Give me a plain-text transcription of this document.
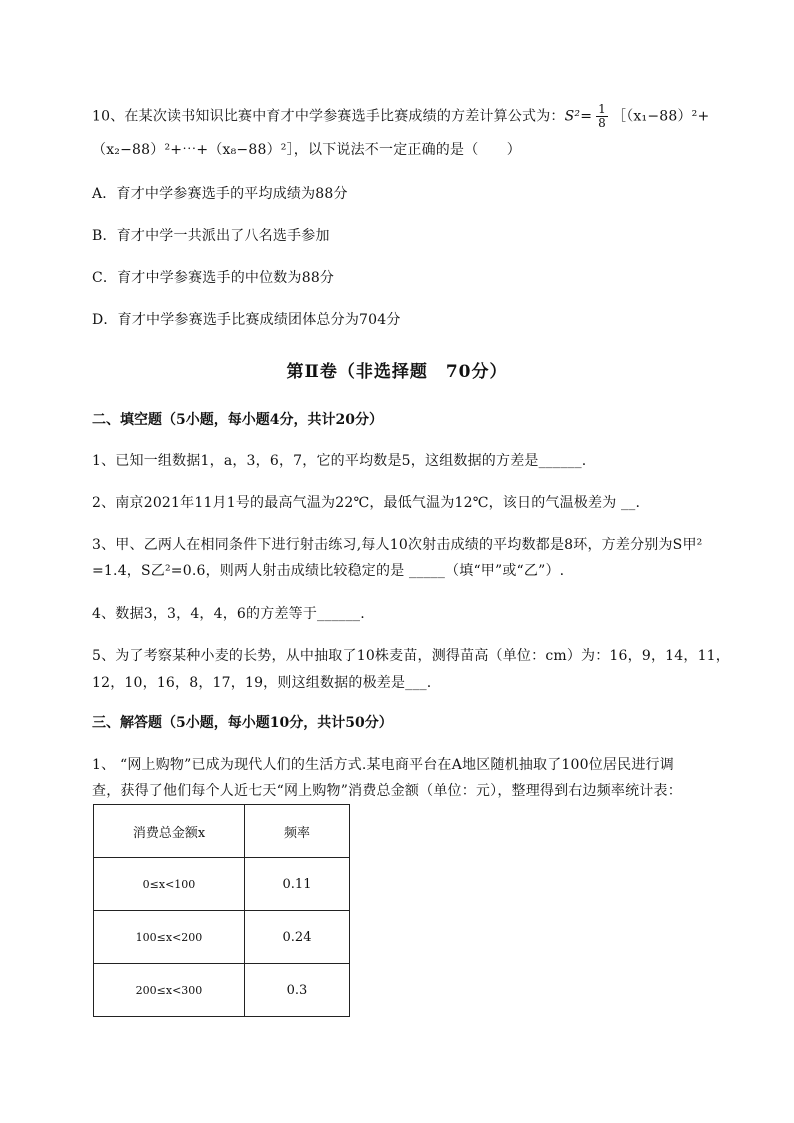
10、在某次读书知识比赛中育才中学参赛选手比赛成绩的方差计算公式为：$S^2= \frac{1}{8}$ ［（x₁−88）²+
（x₂−88）²+⋯+（x₈−88）²］，以下说法不一定正确的是（　　）
A．育才中学参赛选手的平均成绩为88分
B．育才中学一共派出了八名选手参加
C．育才中学参赛选手的中位数为88分
D．育才中学参赛选手比赛成绩团体总分为704分
第Ⅱ卷（非选择题 70分）
二、填空题（5小题，每小题4分，共计20分）
1、已知一组数据1，a，3，6，7，它的平均数是5，这组数据的方差是______.
2、南京2021年11月1号的最高气温为22℃，最低气温为12℃，该日的气温极差为 __.
3、甲、乙两人在相同条件下进行射击练习,每人10次射击成绩的平均数都是8环，方差分别为S甲²
=1.4，S乙²=0.6，则两人射击成绩比较稳定的是 _____（填“甲”或“乙”）.
4、数据3，3，4，4，6的方差等于______.
5、为了考察某种小麦的长势，从中抽取了10株麦苗，测得苗高（单位：cm）为：16，9，14，11，
12，10，16，8，17，19，则这组数据的极差是___.
三、解答题（5小题，每小题10分，共计50分）
1、 “网上购物”已成为现代人们的生活方式.某电商平台在A地区随机抽取了100位居民进行调
查，获得了他们每个人近七天“网上购物”消费总金额（单位：元），整理得到右边频率统计表：
消费总金额x	频率
0≤x<100	0.11
100≤x<200	0.24
200≤x<300	0.3
